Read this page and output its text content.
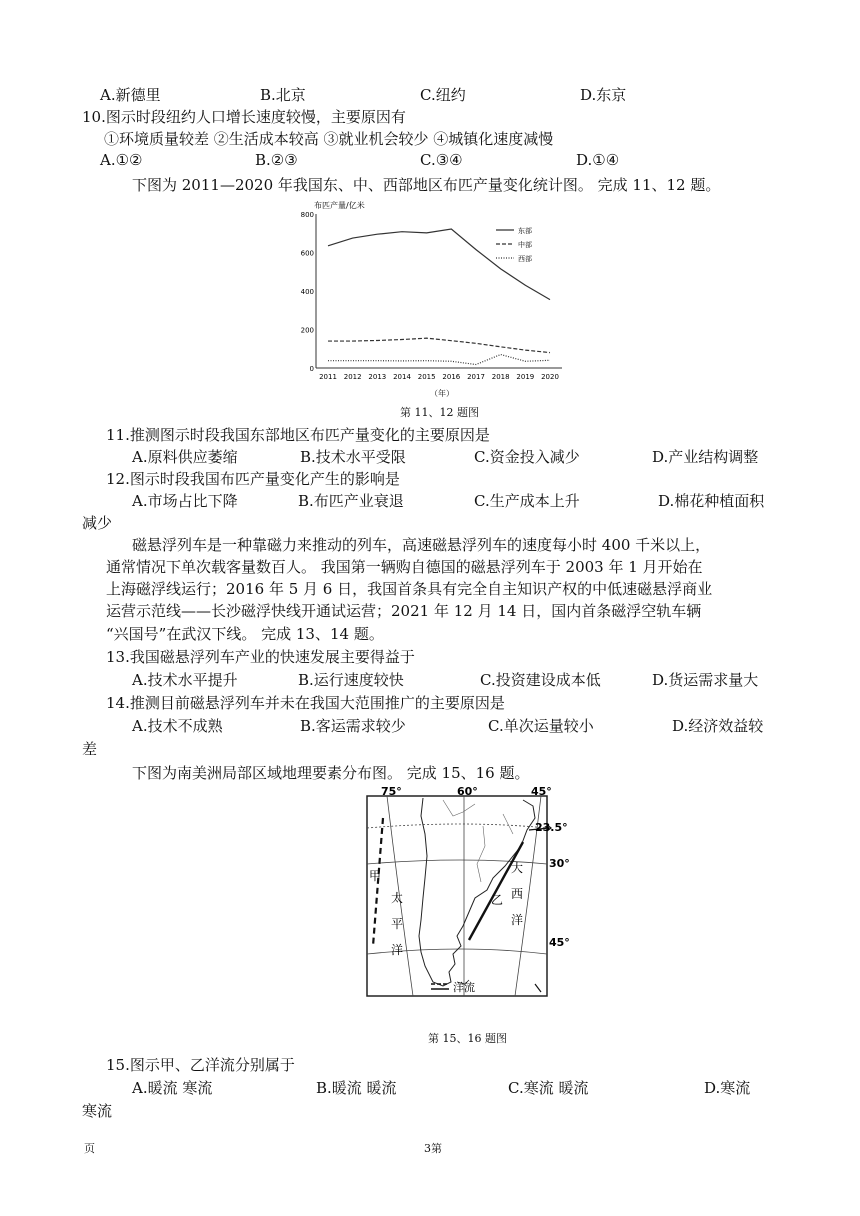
A.新德里	B.北京	C.纽约	D.东京
10.图示时段纽约人口增长速度较慢，主要原因有
①环境质量较差 ②生活成本较高 ③就业机会较少 ④城镇化速度减慢
A.①②	B.②③	C.③④	D.①④
下图为 2011—2020 年我国东、中、西部地区布匹产量变化统计图。 完成 11、12 题。
布匹产量/亿米
0
200
400
600
800
2011 2012 2013 2014 2015 2016 2017 2018 2019 2020
东部
中部
西部
（年）
第 11、12 题图
11.推测图示时段我国东部地区布匹产量变化的主要原因是
A.原料供应萎缩	B.技术水平受限	C.资金投入减少	D.产业结构调整
12.图示时段我国布匹产量变化产生的影响是
A.市场占比下降	B.布匹产业衰退	C.生产成本上升	D.棉花种植面积
减少
磁悬浮列车是一种靠磁力来推动的列车，高速磁悬浮列车的速度每小时 400 千米以上，
通常情况下单次载客量数百人。 我国第一辆购自德国的磁悬浮列车于 2003 年 1 月开始在
上海磁浮线运行；2016 年 5 月 6 日，我国首条具有完全自主知识产权的中低速磁悬浮商业
运营示范线——长沙磁浮快线开通试运营；2021 年 12 月 14 日，国内首条磁浮空轨车辆
“兴国号”在武汉下线。 完成 13、14 题。
13.我国磁悬浮列车产业的快速发展主要得益于
A.技术水平提升	B.运行速度较快	C.投资建设成本低	D.货运需求量大
14.推测目前磁悬浮列车并未在我国大范围推广的主要原因是
A.技术不成熟	B.客运需求较少	C.单次运量较小	D.经济效益较
差
下图为南美洲局部区域地理要素分布图。 完成 15、16 题。
75°	60°	45°
23.5°
30°
45°
甲
乙
太
平
洋
大
西
洋
洋流
第 15、16 题图
15.图示甲、乙洋流分别属于
A.暖流 寒流	B.暖流 暖流	C.寒流 暖流	D.寒流
寒流
页	3第
